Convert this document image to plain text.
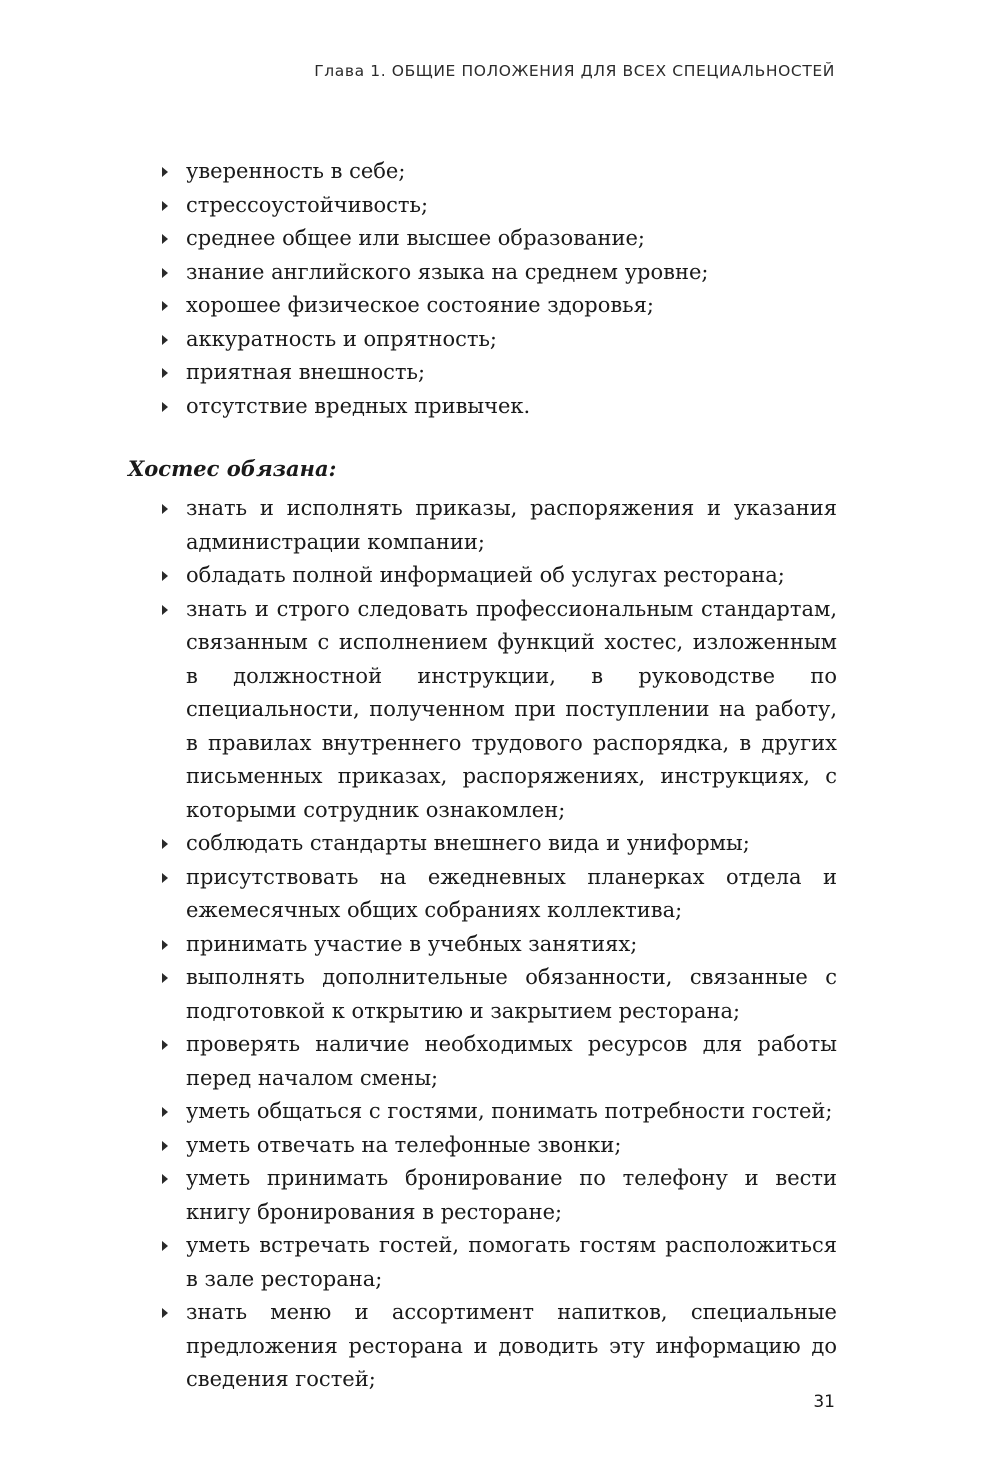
Глава 1. ОБЩИЕ ПОЛОЖЕНИЯ ДЛЯ ВСЕХ СПЕЦИАЛЬНОСТЕЙ
уверенность в себе;
стрессоустойчивость;
среднее общее или высшее образование;
знание английского языка на среднем уровне;
хорошее физическое состояние здоровья;
аккуратность и опрятность;
приятная внешность;
отсутствие вредных привычек.
Хостес обязана:
знать и исполнять приказы, распоряжения и указания администрации компании;
обладать полной информацией об услугах ресторана;
знать и строго следовать профессиональным стандартам, связанным с исполнением функций хостес, изложенным в должностной инструкции, в руководстве по специальности, полученном при поступлении на работу, в правилах внутреннего трудового распорядка, в других письменных приказах, распоряжениях, инструкциях, с которыми сотрудник ознакомлен;
соблюдать стандарты внешнего вида и униформы;
присутствовать на ежедневных планерках отдела и ежемесячных общих собраниях коллектива;
принимать участие в учебных занятиях;
выполнять дополнительные обязанности, связанные с подготовкой к открытию и закрытием ресторана;
проверять наличие необходимых ресурсов для работы перед началом смены;
уметь общаться с гостями, понимать потребности гостей;
уметь отвечать на телефонные звонки;
уметь принимать бронирование по телефону и вести книгу бронирования в ресторане;
уметь встречать гостей, помогать гостям расположиться в зале ресторана;
знать меню и ассортимент напитков, специальные предложения ресторана и доводить эту информацию до сведения гостей;
31
